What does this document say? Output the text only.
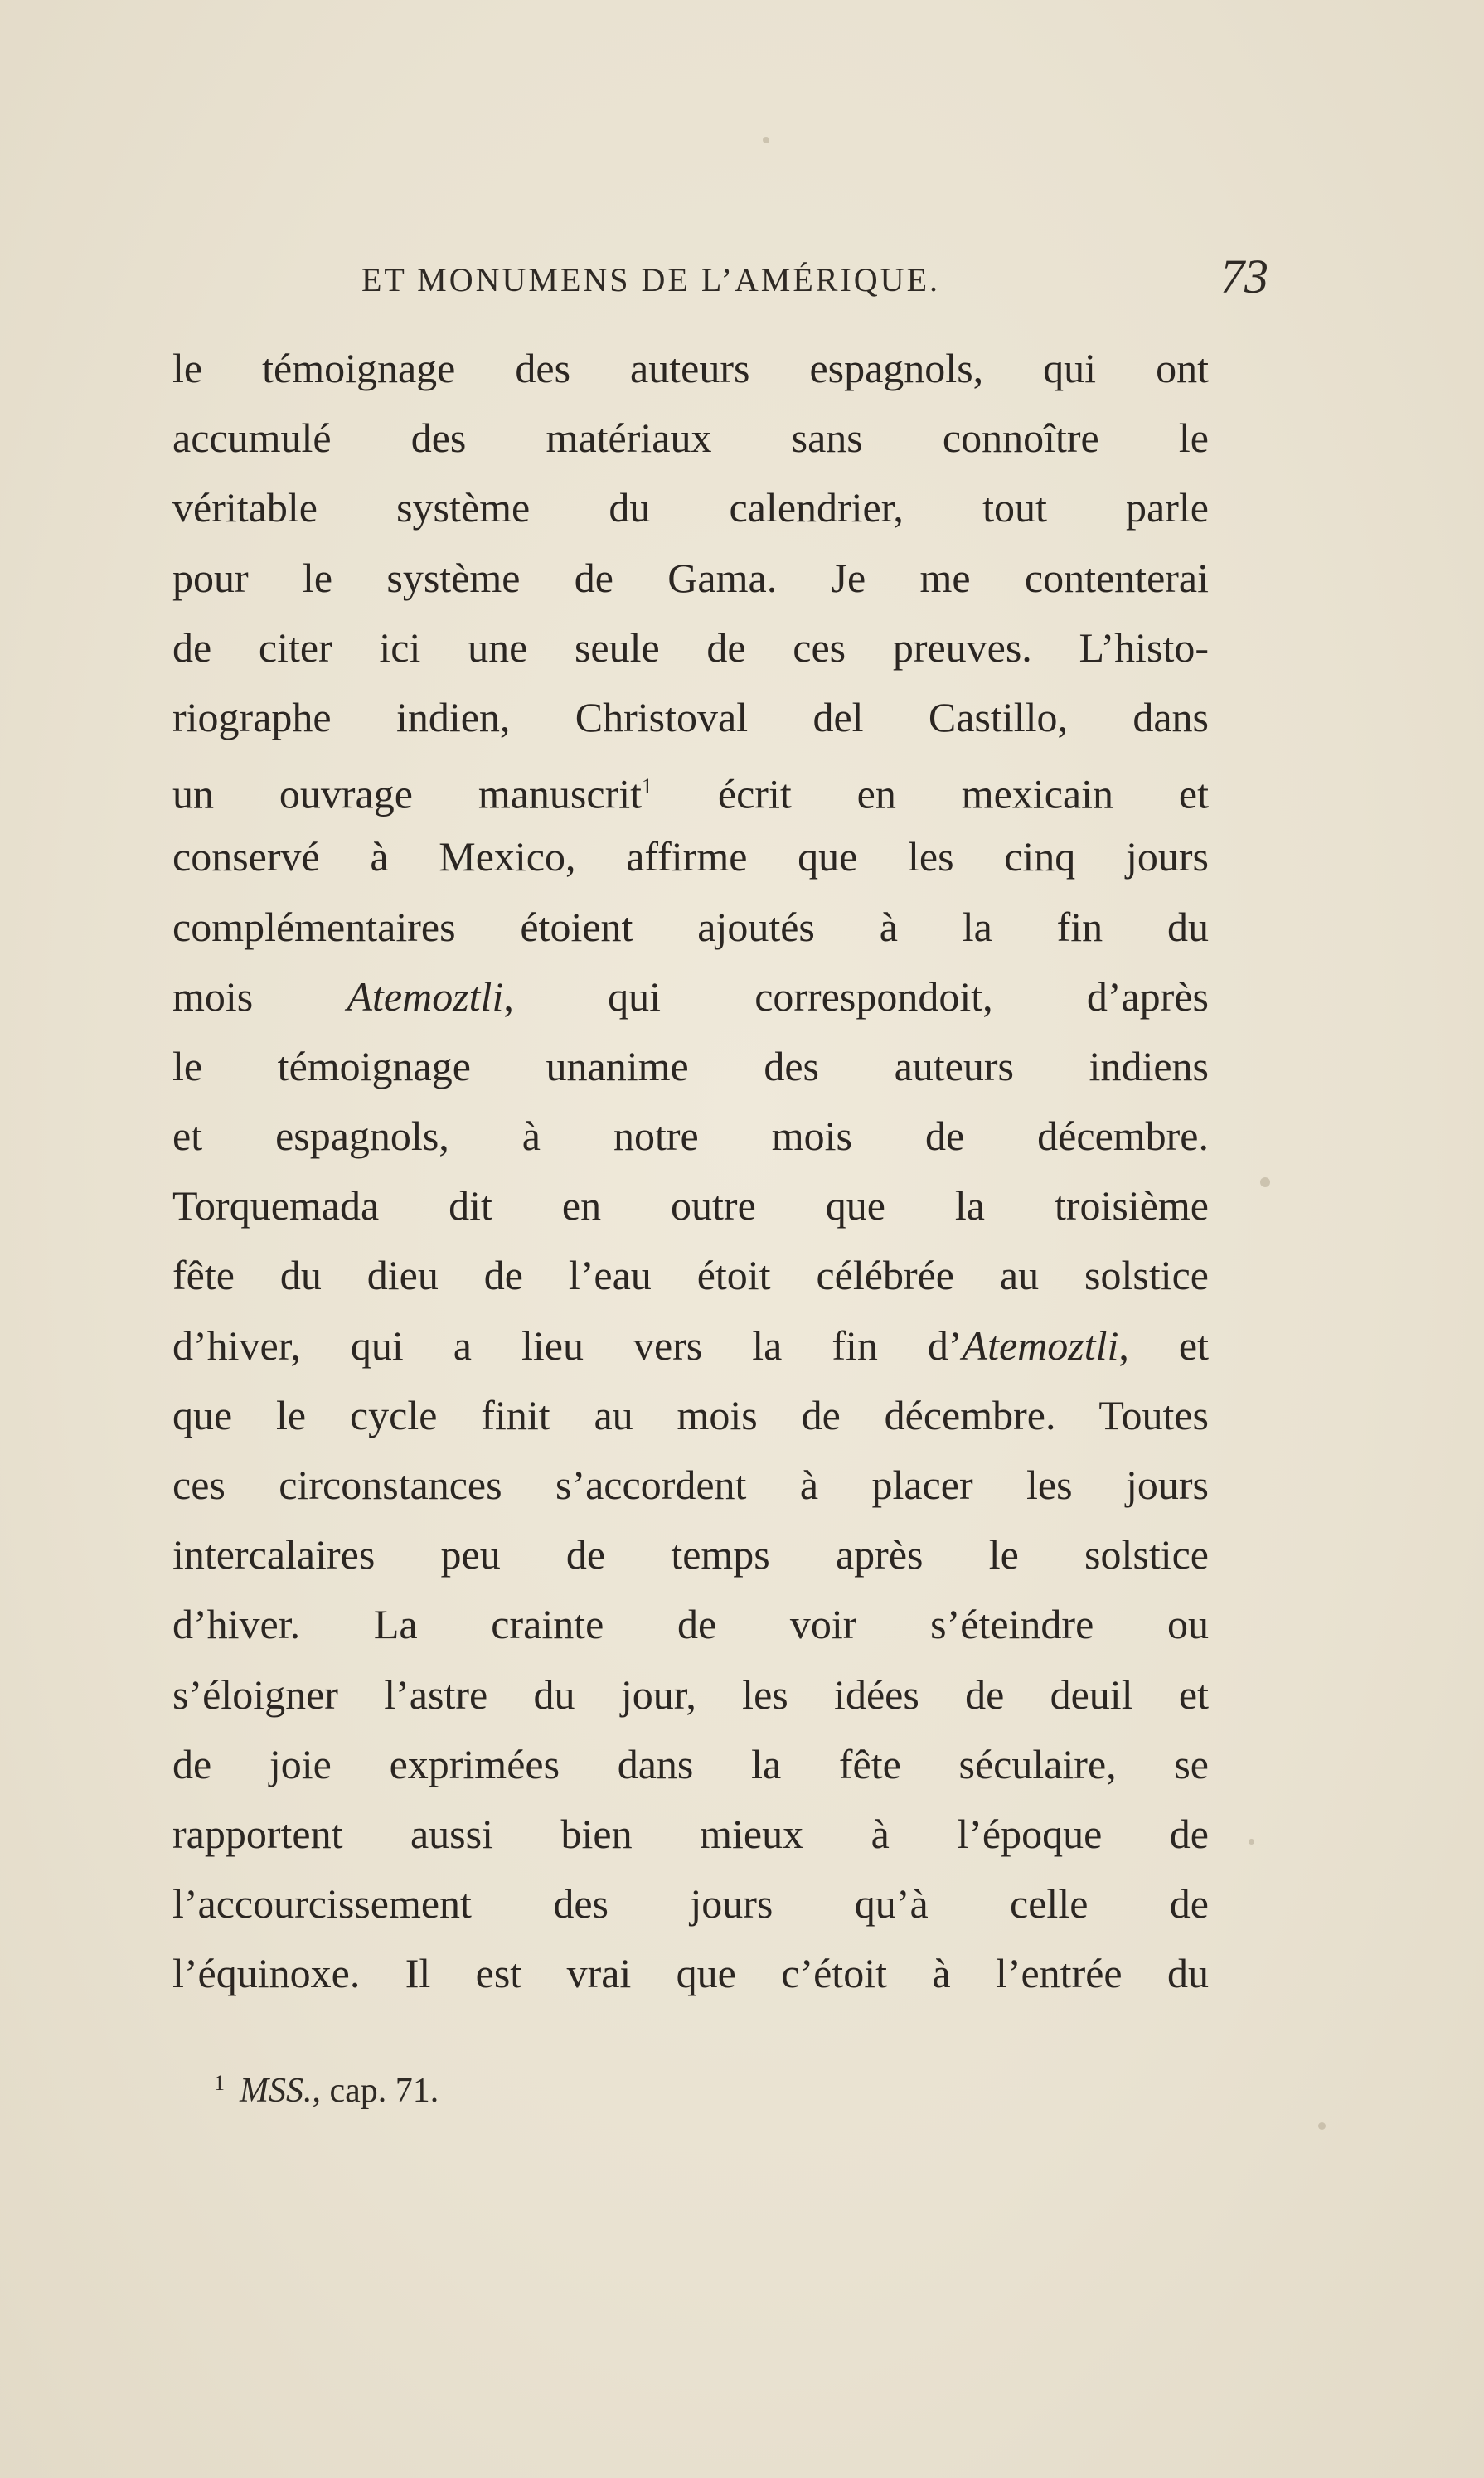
ET MONUMENS DE L’AMÉRIQUE.	73
le témoignage des auteurs espagnols, qui ont
accumulé des matériaux sans connoître le
véritable système du calendrier, tout parle
pour le système de Gama. Je me contenterai
de citer ici une seule de ces preuves. L’histo-
riographe indien, Christoval del Castillo, dans
un ouvrage manuscrit$^1$ écrit en mexicain et
conservé à Mexico, affirme que les cinq jours
complémentaires étoient ajoutés à la fin du
mois Atemoztli, qui correspondoit, d’après
le témoignage unanime des auteurs indiens
et espagnols, à notre mois de décembre.
Torquemada dit en outre que la troisième
fête du dieu de l’eau étoit célébrée au solstice
d’hiver, qui a lieu vers la fin d’Atemoztli, et
que le cycle finit au mois de décembre. Toutes
ces circonstances s’accordent à placer les jours
intercalaires peu de temps après le solstice
d’hiver. La crainte de voir s’éteindre ou
s’éloigner l’astre du jour, les idées de deuil et
de joie exprimées dans la fête séculaire, se
rapportent aussi bien mieux à l’époque de
l’accourcissement des jours qu’à celle de
l’équinoxe. Il est vrai que c’étoit à l’entrée du
$^1$ MSS., cap. 71.
